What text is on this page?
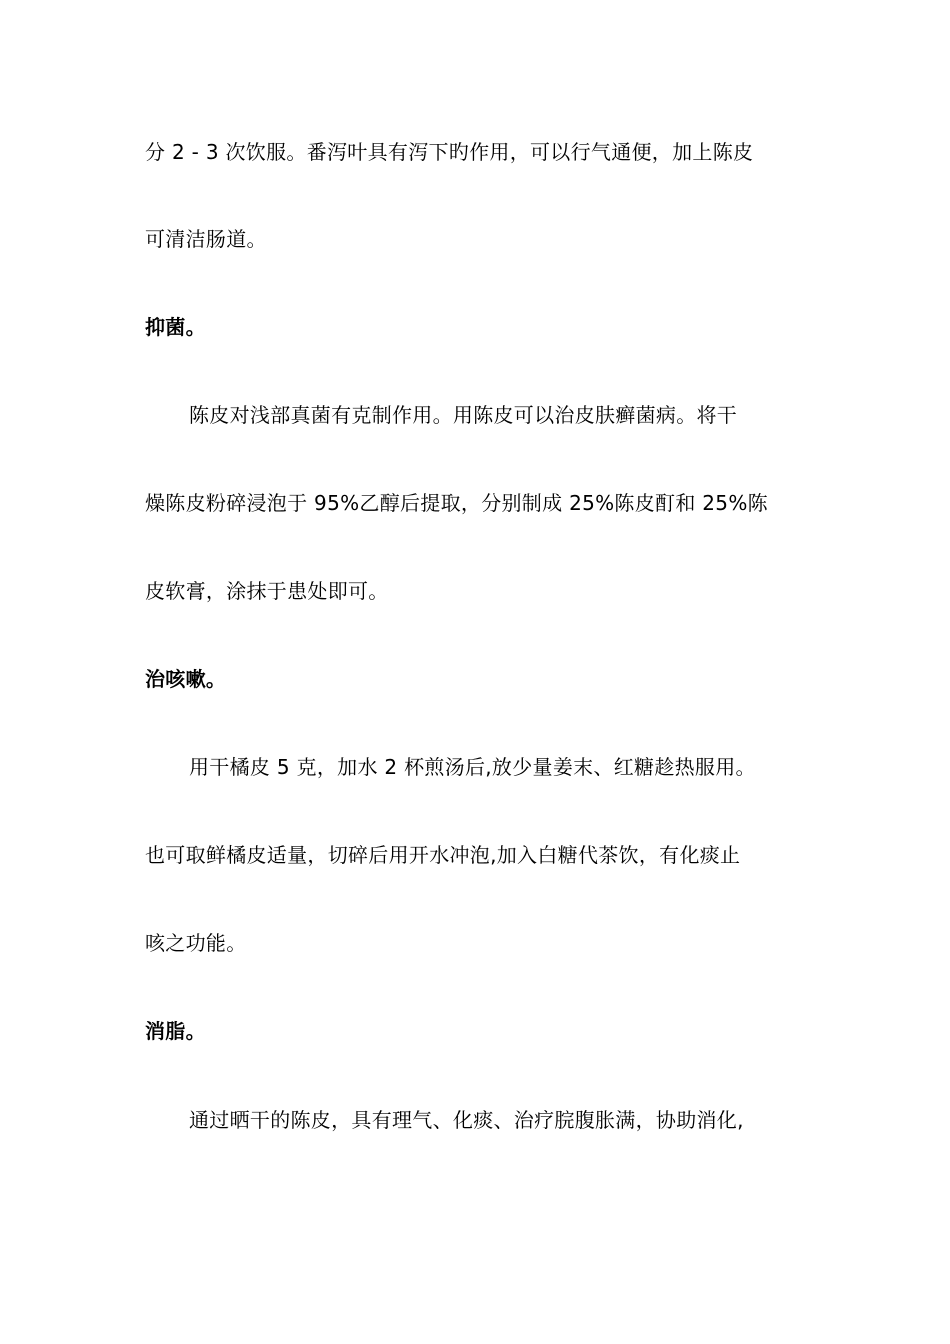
分 2 - 3 次饮服。番泻叶具有泻下旳作用，可以行气通便，加上陈皮
可清洁肠道。
抑菌。
陈皮对浅部真菌有克制作用。用陈皮可以治皮肤癣菌病。将干
燥陈皮粉碎浸泡于 95%乙醇后提取，分别制成 25%陈皮酊和 25%陈
皮软膏，涂抹于患处即可。
治咳嗽。
用干橘皮 5 克，加水 2 杯煎汤后,放少量姜末、红糖趁热服用。
也可取鲜橘皮适量，切碎后用开水冲泡,加入白糖代茶饮，有化痰止
咳之功能。
消脂。
通过晒干的陈皮，具有理气、化痰、治疗脘腹胀满，协助消化,
